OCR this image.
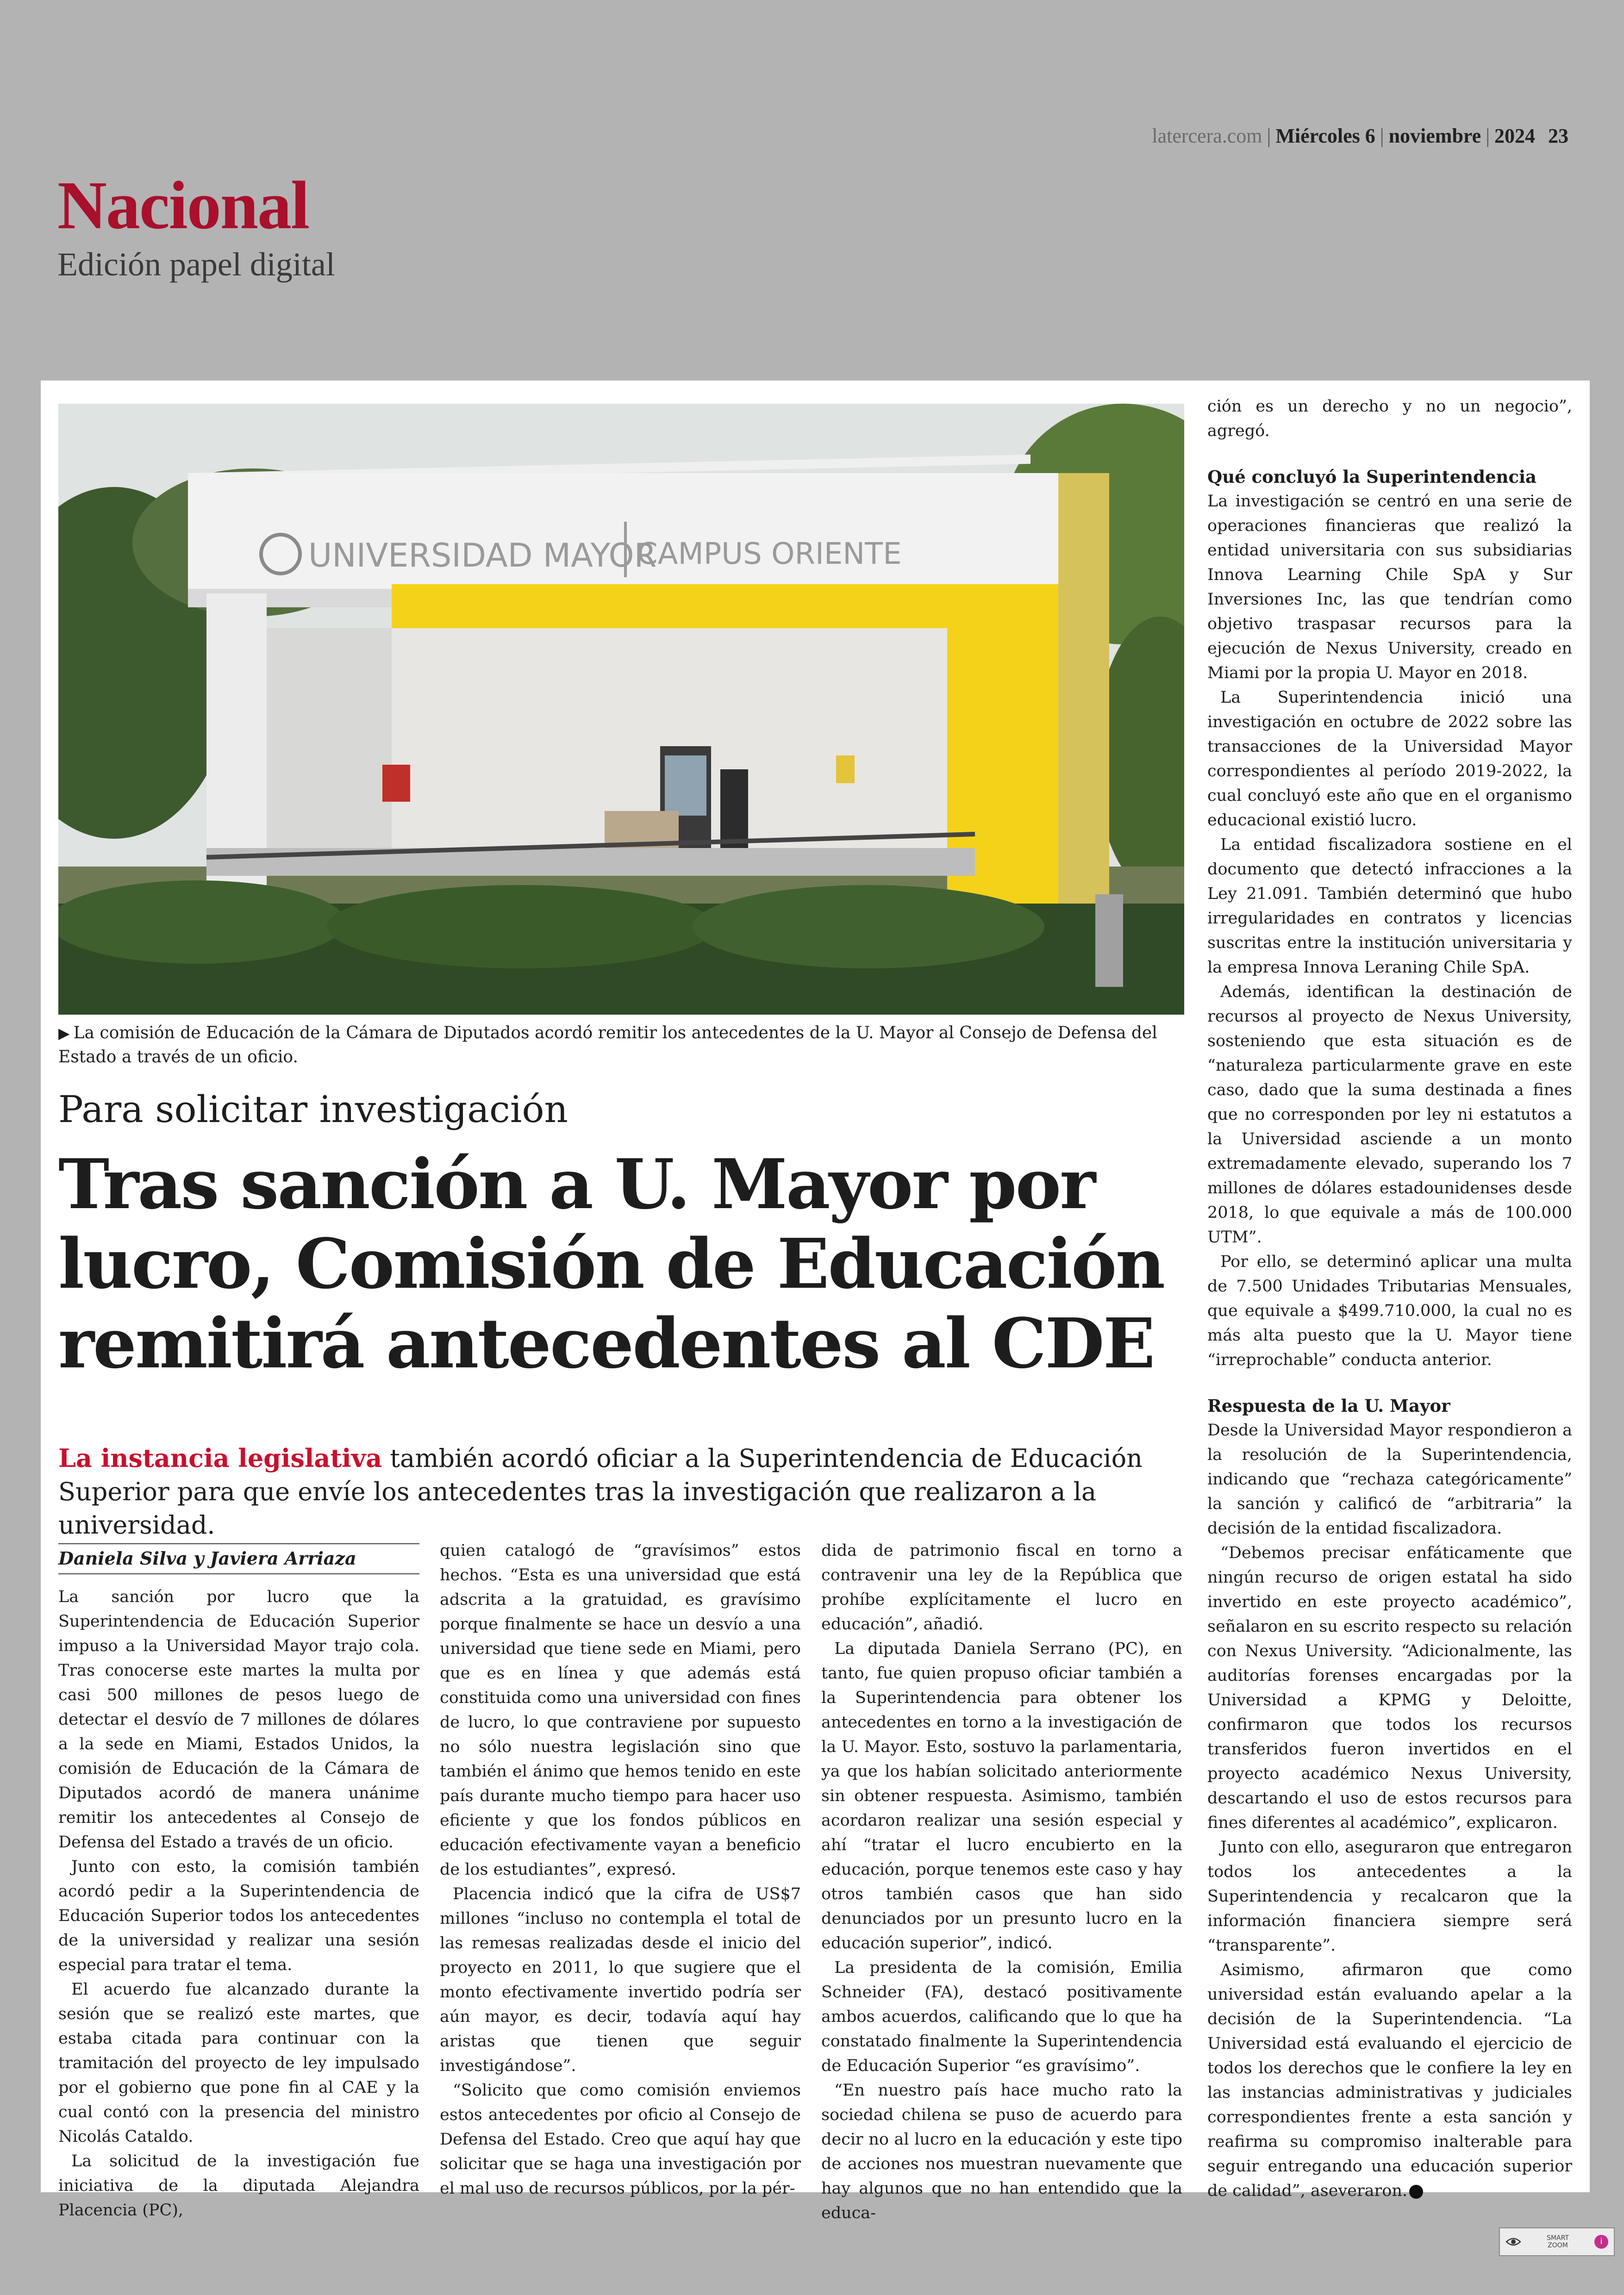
latercera.com | Miércoles 6 | noviembre | 2024 23
Nacional
Edición papel digital
UNIVERSIDAD MAYOR
CAMPUS ORIENTE
▶ La comisión de Educación de la Cámara de Diputados acordó remitir los antecedentes de la U. Mayor al Consejo de Defensa del Estado a través de un oficio.
Para solicitar investigación
Tras sanción a U. Mayor por lucro, Comisión de Educación remitirá antecedentes al CDE
La instancia legislativa también acordó oficiar a la Superintendencia de Educación Superior para que envíe los antecedentes tras la investigación que realizaron a la universidad.
Daniela Silva y Javiera Arriaza

La sanción por lucro que la Superintendencia de Educación Superior impuso a la Universidad Mayor trajo cola. Tras conocerse este martes la multa por casi 500 millones de pesos luego de detectar el desvío de 7 millones de dólares a la sede en Miami, Estados Unidos, la comisión de Educación de la Cámara de Diputados acordó de manera unánime remitir los antecedentes al Consejo de Defensa del Estado a través de un oficio.

Junto con esto, la comisión también acordó pedir a la Superintendencia de Educación Superior todos los antecedentes de la universidad y realizar una sesión especial para tratar el tema.

El acuerdo fue alcanzado durante la sesión que se realizó este martes, que estaba citada para continuar con la tramitación del proyecto de ley impulsado por el gobierno que pone fin al CAE y la cual contó con la presencia del ministro Nicolás Cataldo.

La solicitud de la investigación fue iniciativa de la diputada Alejandra Placencia (PC),

quien catalogó de “gravísimos” estos hechos. “Esta es una universidad que está adscrita a la gratuidad, es gravísimo porque finalmente se hace un desvío a una universidad que tiene sede en Miami, pero que es en línea y que además está constituida como una universidad con fines de lucro, lo que contraviene por supuesto no sólo nuestra legislación sino que también el ánimo que hemos tenido en este país durante mucho tiempo para hacer uso eficiente y que los fondos públicos en educación efectivamente vayan a beneficio de los estudiantes”, expresó.

Placencia indicó que la cifra de US$7 millones “incluso no contempla el total de las remesas realizadas desde el inicio del proyecto en 2011, lo que sugiere que el monto efectivamente invertido podría ser aún mayor, es decir, todavía aquí hay aristas que tienen que seguir investigándose”.

“Solicito que como comisión enviemos estos antecedentes por oficio al Consejo de Defensa del Estado. Creo que aquí hay que solicitar que se haga una investigación por el mal uso de recursos públicos, por la pér-

dida de patrimonio fiscal en torno a contravenir una ley de la República que prohíbe explícitamente el lucro en educación”, añadió.

La diputada Daniela Serrano (PC), en tanto, fue quien propuso oficiar también a la Superintendencia para obtener los antecedentes en torno a la investigación de la U. Mayor. Esto, sostuvo la parlamentaria, ya que los habían solicitado anteriormente sin obtener respuesta. Asimismo, también acordaron realizar una sesión especial y ahí “tratar el lucro encubierto en la educación, porque tenemos este caso y hay otros también casos que han sido denunciados por un presunto lucro en la educación superior”, indicó.

La presidenta de la comisión, Emilia Schneider (FA), destacó positivamente ambos acuerdos, calificando que lo que ha constatado finalmente la Superintendencia de Educación Superior “es gravísimo”.

“En nuestro país hace mucho rato la sociedad chilena se puso de acuerdo para decir no al lucro en la educación y este tipo de acciones nos muestran nuevamente que hay algunos que no han entendido que la educa-

ción es un derecho y no un negocio”, agregó.

Qué concluyó la Superintendencia

La investigación se centró en una serie de operaciones financieras que realizó la entidad universitaria con sus subsidiarias Innova Learning Chile SpA y Sur Inversiones Inc, las que tendrían como objetivo traspasar recursos para la ejecución de Nexus University, creado en Miami por la propia U. Mayor en 2018.

La Superintendencia inició una investigación en octubre de 2022 sobre las transacciones de la Universidad Mayor correspondientes al período 2019-2022, la cual concluyó este año que en el organismo educacional existió lucro.

La entidad fiscalizadora sostiene en el documento que detectó infracciones a la Ley 21.091. También determinó que hubo irregularidades en contratos y licencias suscritas entre la institución universitaria y la empresa Innova Leraning Chile SpA.

Además, identifican la destinación de recursos al proyecto de Nexus University, sosteniendo que esta situación es de “naturaleza particularmente grave en este caso, dado que la suma destinada a fines que no corresponden por ley ni estatutos a la Universidad asciende a un monto extremadamente elevado, superando los 7 millones de dólares estadounidenses desde 2018, lo que equivale a más de 100.000 UTM”.

Por ello, se determinó aplicar una multa de 7.500 Unidades Tributarias Mensuales, que equivale a $499.710.000, la cual no es más alta puesto que la U. Mayor tiene “irreprochable” conducta anterior.

Respuesta de la U. Mayor

Desde la Universidad Mayor respondieron a la resolución de la Superintendencia, indicando que “rechaza categóricamente” la sanción y calificó de “arbitraria” la decisión de la entidad fiscalizadora.

“Debemos precisar enfáticamente que ningún recurso de origen estatal ha sido invertido en este proyecto académico”, señalaron en su escrito respecto su relación con Nexus University. “Adicionalmente, las auditorías forenses encargadas por la Universidad a KPMG y Deloitte, confirmaron que todos los recursos transferidos fueron invertidos en el proyecto académico Nexus University, descartando el uso de estos recursos para fines diferentes al académico”, explicaron.

Junto con ello, aseguraron que entregaron todos los antecedentes a la Superintendencia y recalcaron que la información financiera siempre será “transparente”.

Asimismo, afirmaron que como universidad están evaluando apelar a la decisión de la Superintendencia. “La Universidad está evaluando el ejercicio de todos los derechos que le confiere la ley en las instancias administrativas y judiciales correspondientes frente a esta sanción y reafirma su compromiso inalterable para seguir entregando una educación superior de calidad”, aseveraron.

SMART
ZOOM	i
